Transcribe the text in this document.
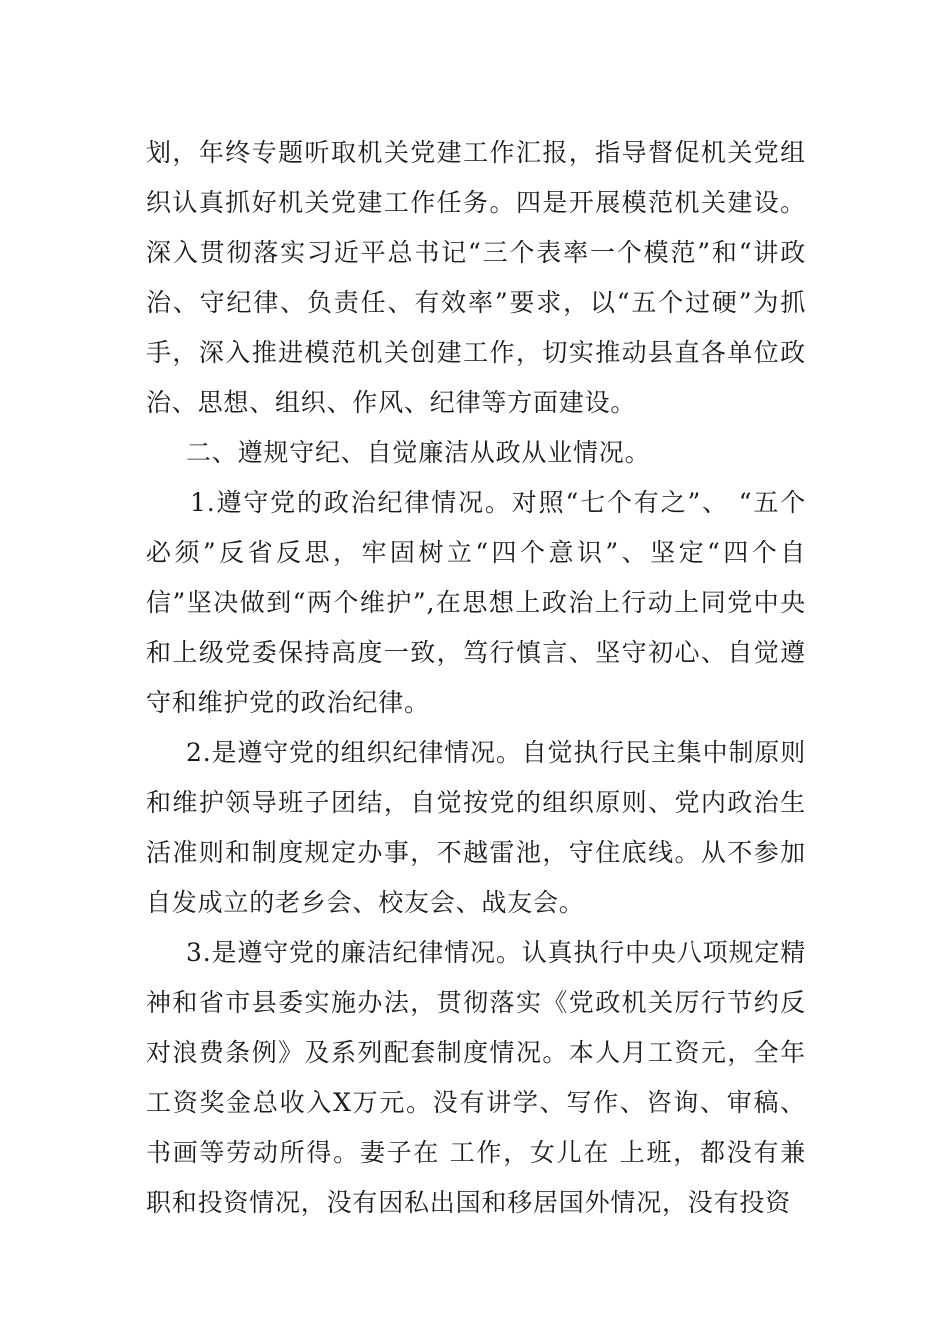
划，年终专题听取机关党建工作汇报，指导督促机关党组织认真抓好机关党建工作任务。四是开展模范机关建设。深入贯彻落实习近平总书记“三个表率一个模范”和“讲政治、守纪律、负责任、有效率”要求，以“五个过硬”为抓手，深入推进模范机关创建工作，切实推动县直各单位政治、思想、组织、作风、纪律等方面建设。

二、遵规守纪、自觉廉洁从政从业情况。

1.遵守党的政治纪律情况。对照“七个有之”、 “五个必须”反省反思，牢固树立“四个意识”、坚定“四个自信”坚决做到“两个维护”,在思想上政治上行动上同党中央和上级党委保持高度一致，笃行慎言、坚守初心、自觉遵守和维护党的政治纪律。

2.是遵守党的组织纪律情况。自觉执行民主集中制原则和维护领导班子团结，自觉按党的组织原则、党内政治生活准则和制度规定办事，不越雷池，守住底线。从不参加自发成立的老乡会、校友会、战友会。

3.是遵守党的廉洁纪律情况。认真执行中央八项规定精神和省市县委实施办法，贯彻落实《党政机关厉行节约反对浪费条例》及系列配套制度情况。本人月工资元，全年工资奖金总收入X万元。没有讲学、写作、咨询、审稿、书画等劳动所得。妻子在 工作，女儿在 上班，都没有兼职和投资情况，没有因私出国和移居国外情况，没有投资
